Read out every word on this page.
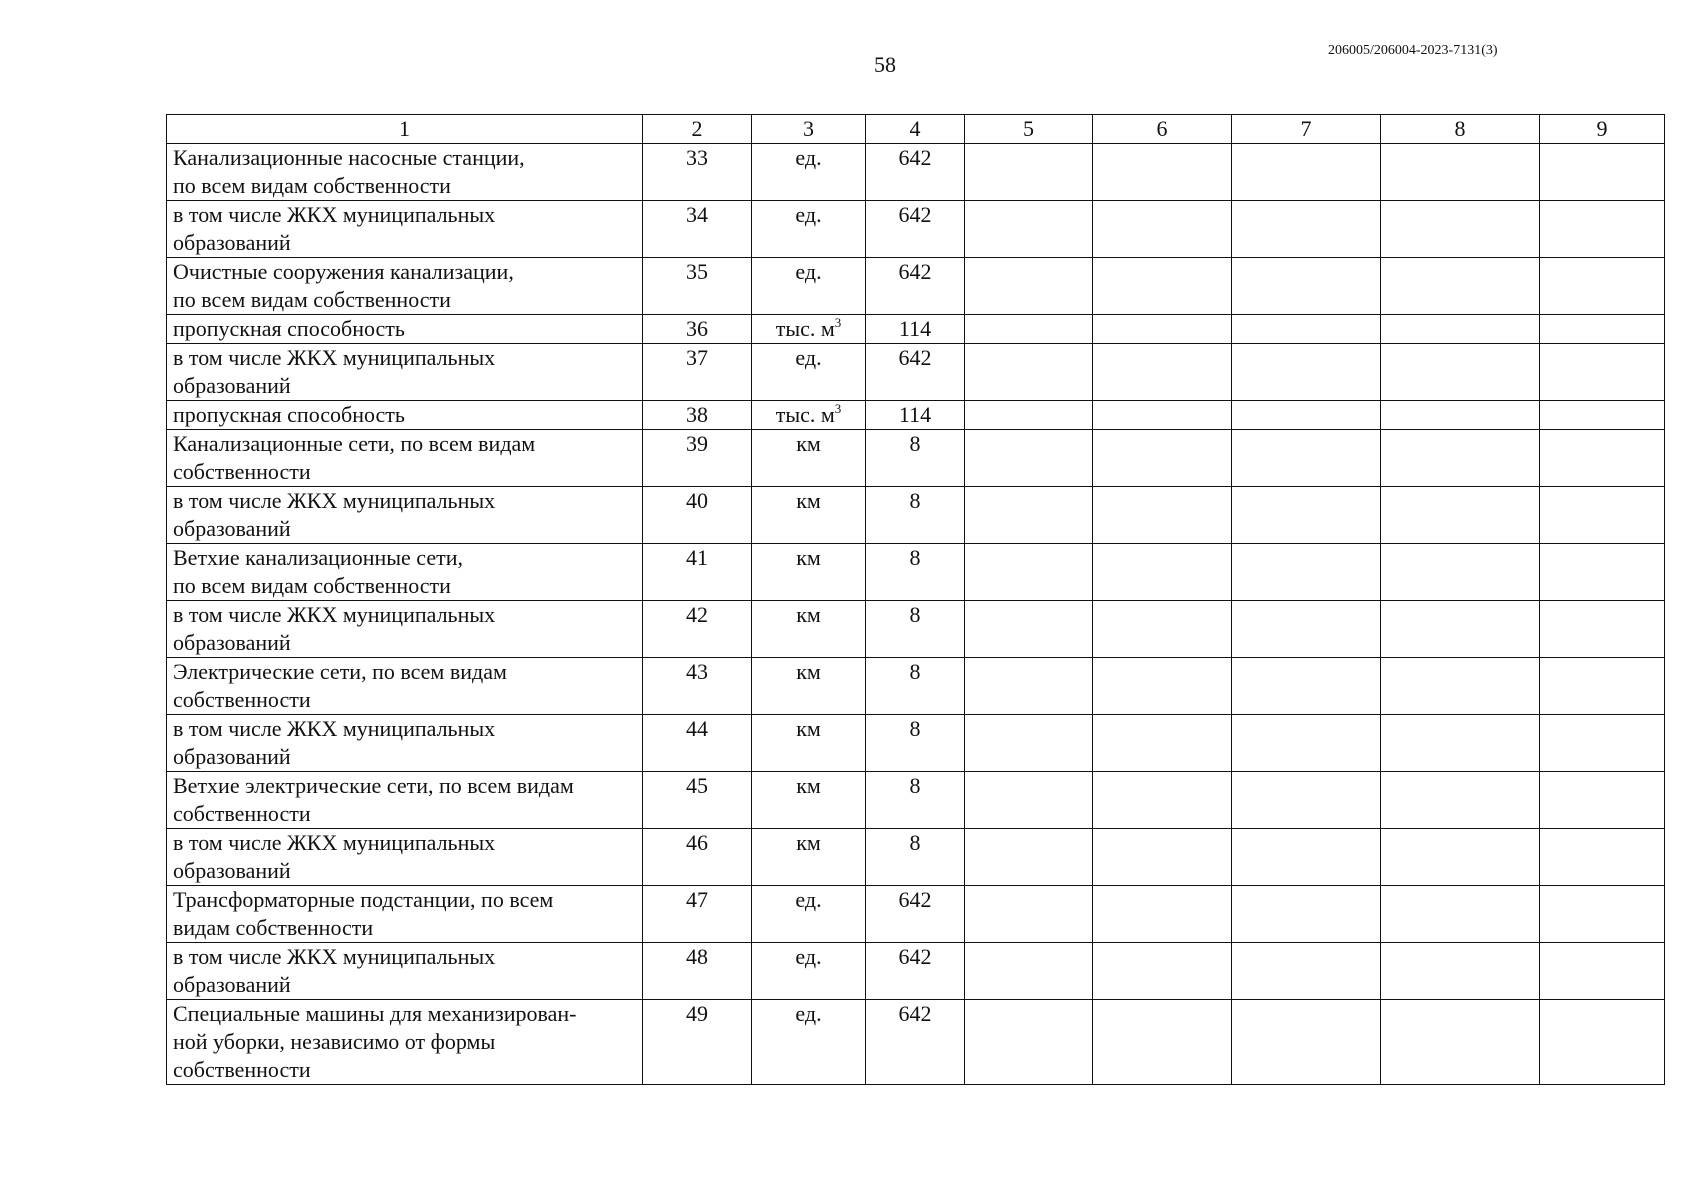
58
206005/206004-2023-7131(3)
1	2	3	4	5	6	7	8	9

Канализационные насосные станции,
по всем видам собственности	33	ед.	642					

в том числе ЖКХ муниципальных
образований	34	ед.	642					

Очистные сооружения канализации,
по всем видам собственности	35	ед.	642					

пропускная способность	36	тыс. $м^3$	114					

в том числе ЖКХ муниципальных
образований	37	ед.	642					

пропускная способность	38	тыс. $м^3$	114					

Канализационные сети, по всем видам
собственности	39	км	8					

в том числе ЖКХ муниципальных
образований	40	км	8					

Ветхие канализационные сети,
по всем видам собственности	41	км	8					

в том числе ЖКХ муниципальных
образований	42	км	8					

Электрические сети, по всем видам
собственности	43	км	8					

в том числе ЖКХ муниципальных
образований	44	км	8					

Ветхие электрические сети, по всем видам
собственности	45	км	8					

в том числе ЖКХ муниципальных
образований	46	км	8					

Трансформаторные подстанции, по всем
видам собственности	47	ед.	642					

в том числе ЖКХ муниципальных
образований	48	ед.	642					

Специальные машины для механизирован-
ной уборки, независимо от формы
собственности	49	ед.	642					
